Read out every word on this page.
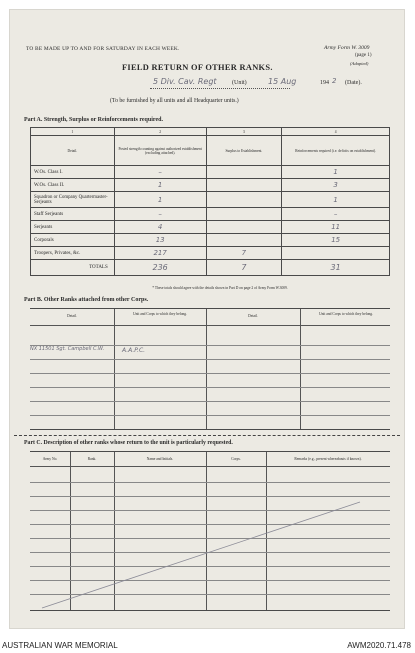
TO BE MADE UP TO AND FOR SATURDAY IN EACH WEEK.	Army Form W. 3009
(page 1)
(Adapted)
FIELD RETURN OF OTHER RANKS.
5 Div. Cav. Regt	(Unit)	15 Aug	194 2 (Date).
(To be furnished by all units and all Headquarter units.)
Part A. Strength, Surplus or Reinforcements required.
1	2	3	4
Detail.	Posted strength counting against authorized establishment (excluding attached).	Surplus to Establishment.	Reinforcements required (i.e. deficits on establishment).
W.Os. Class I.	–		1
W.Os. Class II.	1		3
Squadron or Company Quartermaster-Serjeants	1		1
Staff Serjeants	–		–
Serjeants	4		11
Corporals	13		15
Troopers, Privates, &c.	217	7	
TOTALS	236	7	31
* These totals should agree with the details shown in Part D on page 2 of Army Form W.3009.
Part B. Other Ranks attached from other Corps.
Detail.	Unit and Corps to which they belong.	Detail.	Unit and Corps to which they belong.
NX 11501 Sgt. Campbell C.W.	A.A.P.C.
Part C. Description of other ranks whose return to the unit is particularly requested.
Army No.	Rank.	Name and Initials.	Corps.	Remarks (e.g., present whereabouts if known).
AUSTRALIAN WAR MEMORIAL	AWM2020.71.478
